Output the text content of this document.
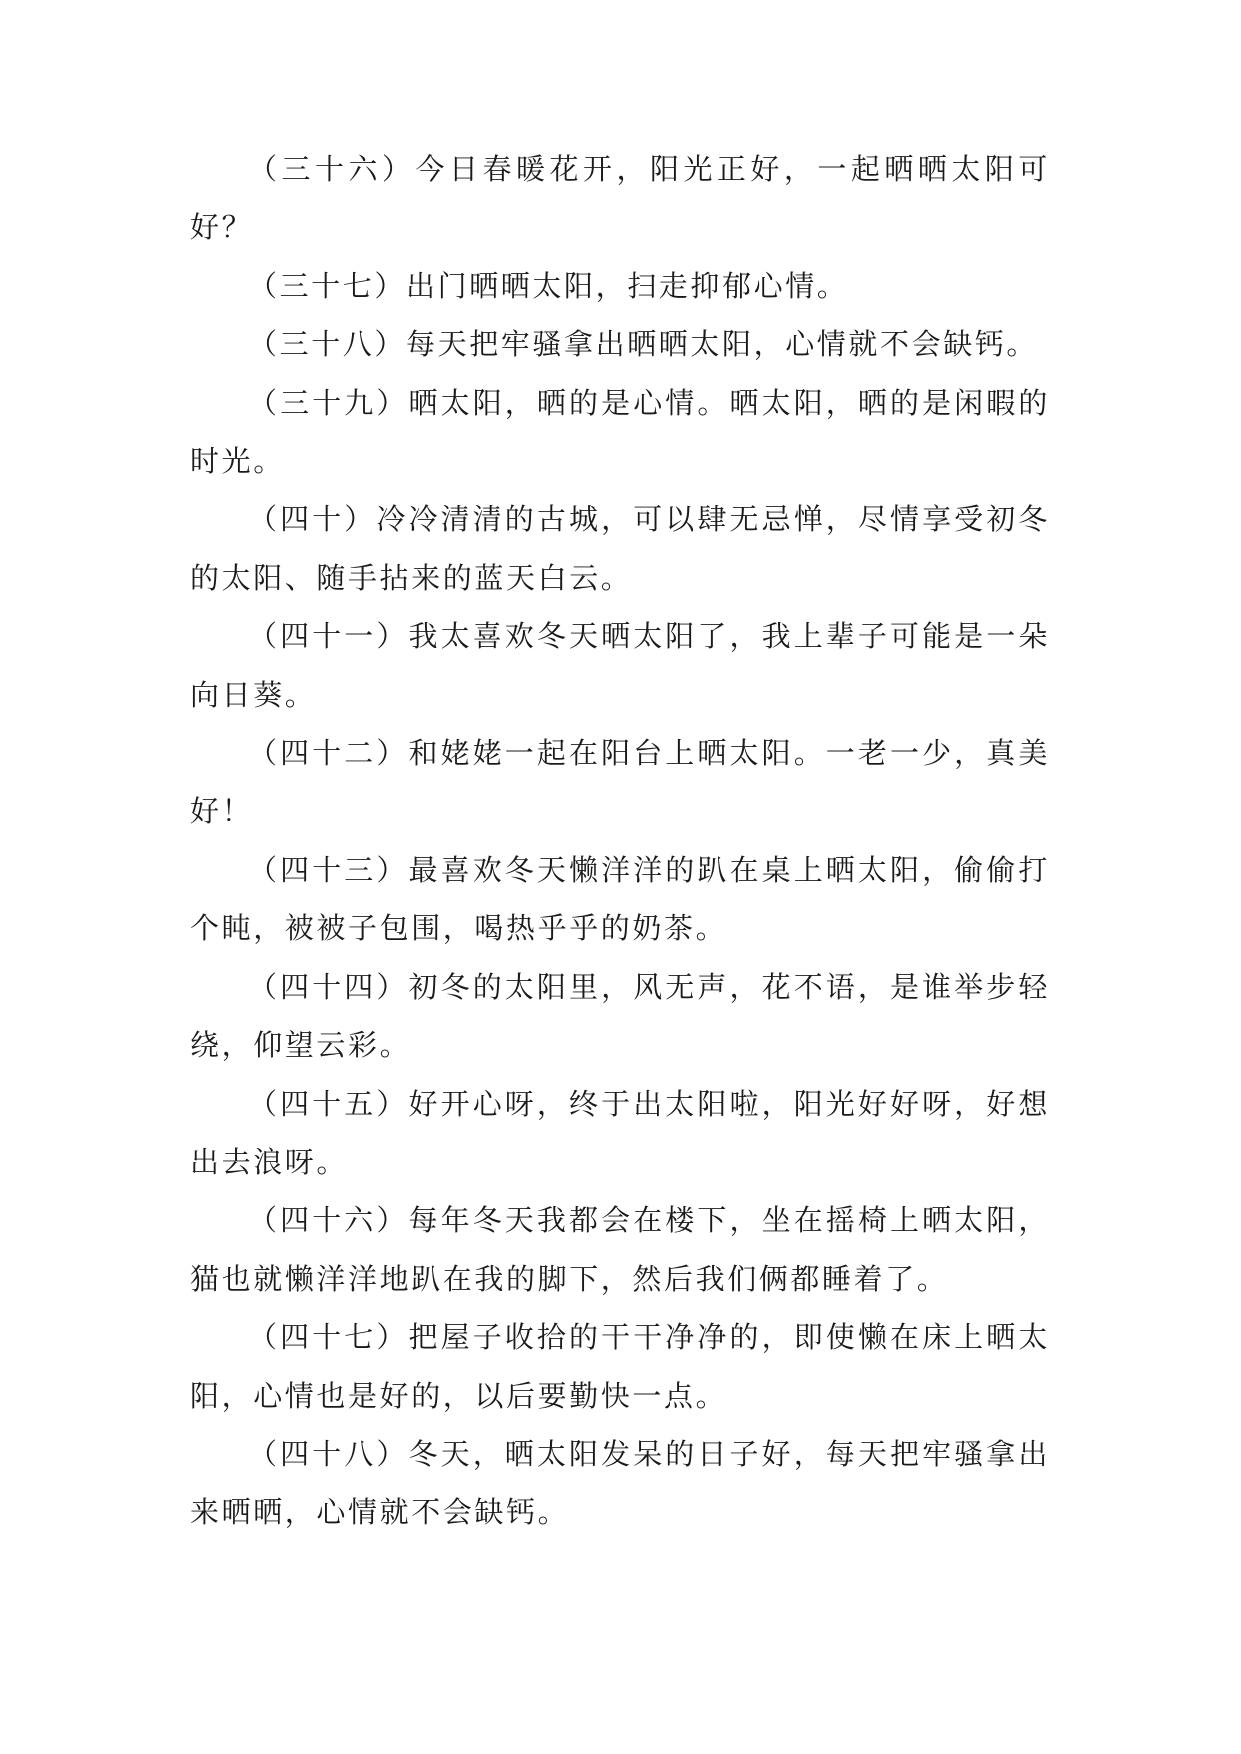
（三十六）今日春暖花开，阳光正好，一起晒晒太阳可好？

（三十七）出门晒晒太阳，扫走抑郁心情。

（三十八）每天把牢骚拿出晒晒太阳，心情就不会缺钙。

（三十九）晒太阳，晒的是心情。晒太阳，晒的是闲暇的时光。

（四十）冷冷清清的古城，可以肆无忌惮，尽情享受初冬的太阳、随手拈来的蓝天白云。

（四十一）我太喜欢冬天晒太阳了，我上辈子可能是一朵向日葵。

（四十二）和姥姥一起在阳台上晒太阳。一老一少，真美好！

（四十三）最喜欢冬天懒洋洋的趴在桌上晒太阳，偷偷打个盹，被被子包围，喝热乎乎的奶茶。

（四十四）初冬的太阳里，风无声，花不语，是谁举步轻绕，仰望云彩。

（四十五）好开心呀，终于出太阳啦，阳光好好呀，好想出去浪呀。

（四十六）每年冬天我都会在楼下，坐在摇椅上晒太阳，猫也就懒洋洋地趴在我的脚下，然后我们俩都睡着了。

（四十七）把屋子收拾的干干净净的，即使懒在床上晒太阳，心情也是好的，以后要勤快一点。

（四十八）冬天，晒太阳发呆的日子好，每天把牢骚拿出来晒晒，心情就不会缺钙。
